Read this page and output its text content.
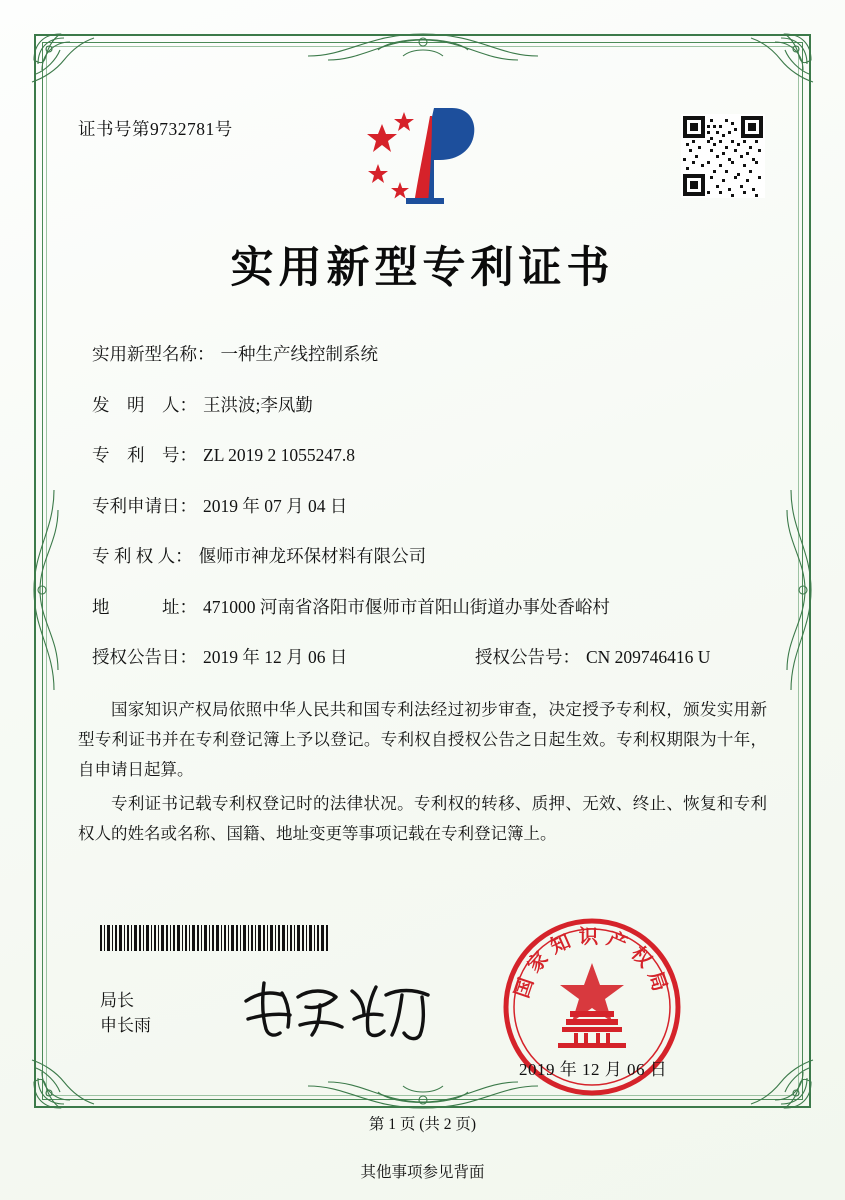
证书号第9732781号
实用新型专利证书
实用新型名称： 一种生产线控制系统
发　明　人： 王洪波;李凤勤
专　利　号： ZL 2019 2 1055247.8
专利申请日： 2019 年 07 月 04 日
专 利 权 人： 偃师市神龙环保材料有限公司
地　　　址： 471000 河南省洛阳市偃师市首阳山街道办事处香峪村
授权公告日： 2019 年 12 月 06 日	授权公告号： CN 209746416 U

国家知识产权局依照中华人民共和国专利法经过初步审查，决定授予专利权，颁发实用新型专利证书并在专利登记簿上予以登记。专利权自授权公告之日起生效。专利权期限为十年，自申请日起算。

专利证书记载专利权登记时的法律状况。专利权的转移、质押、无效、终止、恢复和专利权人的姓名或名称、国籍、地址变更等事项记载在专利登记簿上。

局长
申长雨
国家知识产权局
2019 年 12 月 06 日
第 1 页 (共 2 页)
其他事项参见背面
